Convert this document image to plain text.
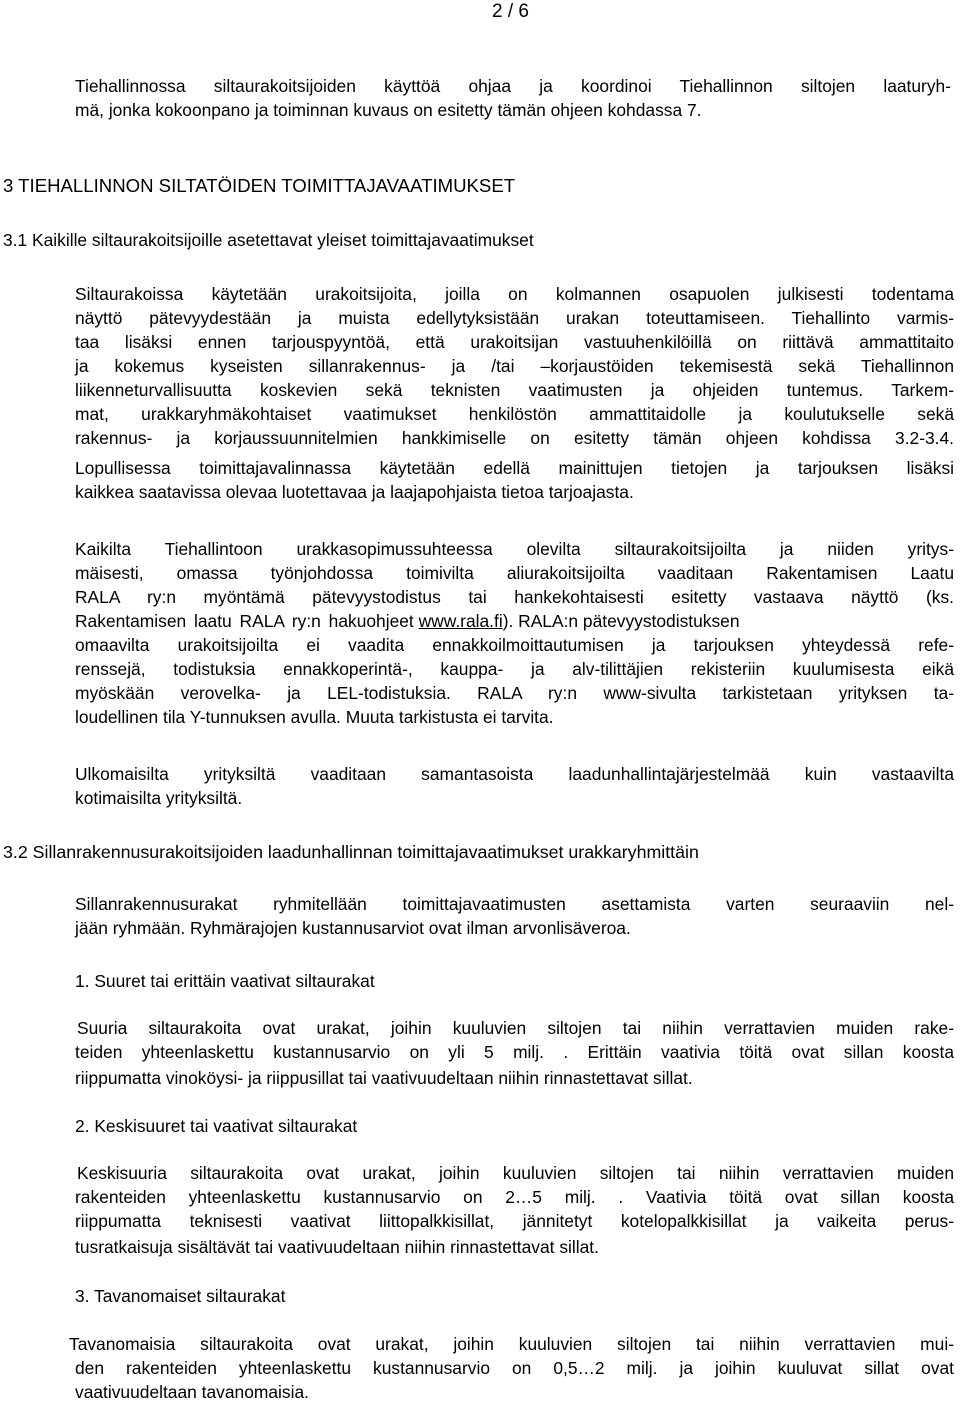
2 / 6
Tiehallinnossa siltaurakoitsijoiden käyttöä ohjaa ja koordinoi Tiehallinnon siltojen laaturyh-
mä, jonka kokoonpano ja toiminnan kuvaus on esitetty tämän ohjeen kohdassa 7.
3 TIEHALLINNON SILTATÖIDEN TOIMITTAJAVAATIMUKSET
3.1 Kaikille siltaurakoitsijoille asetettavat yleiset toimittajavaatimukset
Siltaurakoissa käytetään urakoitsijoita, joilla on kolmannen osapuolen julkisesti todentama
näyttö pätevyydestään ja muista edellytyksistään urakan toteuttamiseen. Tiehallinto varmis-
taa lisäksi ennen tarjouspyyntöä, että urakoitsijan vastuuhenkilöillä on riittävä ammattitaito
ja kokemus kyseisten sillanrakennus- ja /tai –korjaustöiden tekemisestä sekä Tiehallinnon
liikenneturvallisuutta koskevien sekä teknisten vaatimusten ja ohjeiden tuntemus. Tarkem-
mat, urakkaryhmäkohtaiset vaatimukset henkilöstön ammattitaidolle ja koulutukselle sekä
rakennus- ja korjaussuunnitelmien hankkimiselle on esitetty tämän ohjeen kohdissa 3.2-3.4.
Lopullisessa toimittajavalinnassa käytetään edellä mainittujen tietojen ja tarjouksen lisäksi
kaikkea saatavissa olevaa luotettavaa ja laajapohjaista tietoa tarjoajasta.
Kaikilta Tiehallintoon urakkasopimussuhteessa olevilta siltaurakoitsijoilta ja niiden yritys-
mäisesti, omassa työnjohdossa toimivilta aliurakoitsijoilta vaaditaan Rakentamisen Laatu
RALA ry:n myöntämä pätevyystodistus tai hankekohtaisesti esitetty vastaava näyttö (ks.
Rakentamisen laatu RALA ry:n hakuohjeet www.rala.fi). RALA:n pätevyystodistuksen
omaavilta urakoitsijoilta ei vaadita ennakkoilmoittautumisen ja tarjouksen yhteydessä refe-
renssejä, todistuksia ennakkoperintä-, kauppa- ja alv-tilittäjien rekisteriin kuulumisesta eikä
myöskään verovelka- ja LEL-todistuksia. RALA ry:n www-sivulta tarkistetaan yrityksen ta-
loudellinen tila Y-tunnuksen avulla. Muuta tarkistusta ei tarvita.
Ulkomaisilta yrityksiltä vaaditaan samantasoista laadunhallintajärjestelmää kuin vastaavilta
kotimaisilta yrityksiltä.
3.2 Sillanrakennusurakoitsijoiden laadunhallinnan toimittajavaatimukset urakkaryhmittäin
Sillanrakennusurakat ryhmitellään toimittajavaatimusten asettamista varten seuraaviin nel-
jään ryhmään. Ryhmärajojen kustannusarviot ovat ilman arvonlisäveroa.
1. Suuret tai erittäin vaativat siltaurakat
Suuria siltaurakoita ovat urakat, joihin kuuluvien siltojen tai niihin verrattavien muiden rake-
teiden yhteenlaskettu kustannusarvio on yli 5 milj. . Erittäin vaativia töitä ovat sillan koosta
riippumatta vinoköysi- ja riippusillat tai vaativuudeltaan niihin rinnastettavat sillat.
2. Keskisuuret tai vaativat siltaurakat
Keskisuuria siltaurakoita ovat urakat, joihin kuuluvien siltojen tai niihin verrattavien muiden
rakenteiden yhteenlaskettu kustannusarvio on 2…5 milj. . Vaativia töitä ovat sillan koosta
riippumatta teknisesti vaativat liittopalkkisillat, jännitetyt kotelopalkkisillat ja vaikeita perus-
tusratkaisuja sisältävät tai vaativuudeltaan niihin rinnastettavat sillat.
3. Tavanomaiset siltaurakat
Tavanomaisia siltaurakoita ovat urakat, joihin kuuluvien siltojen tai niihin verrattavien mui-
den rakenteiden yhteenlaskettu kustannusarvio on 0,5…2 milj. ja joihin kuuluvat sillat ovat
vaativuudeltaan tavanomaisia.
